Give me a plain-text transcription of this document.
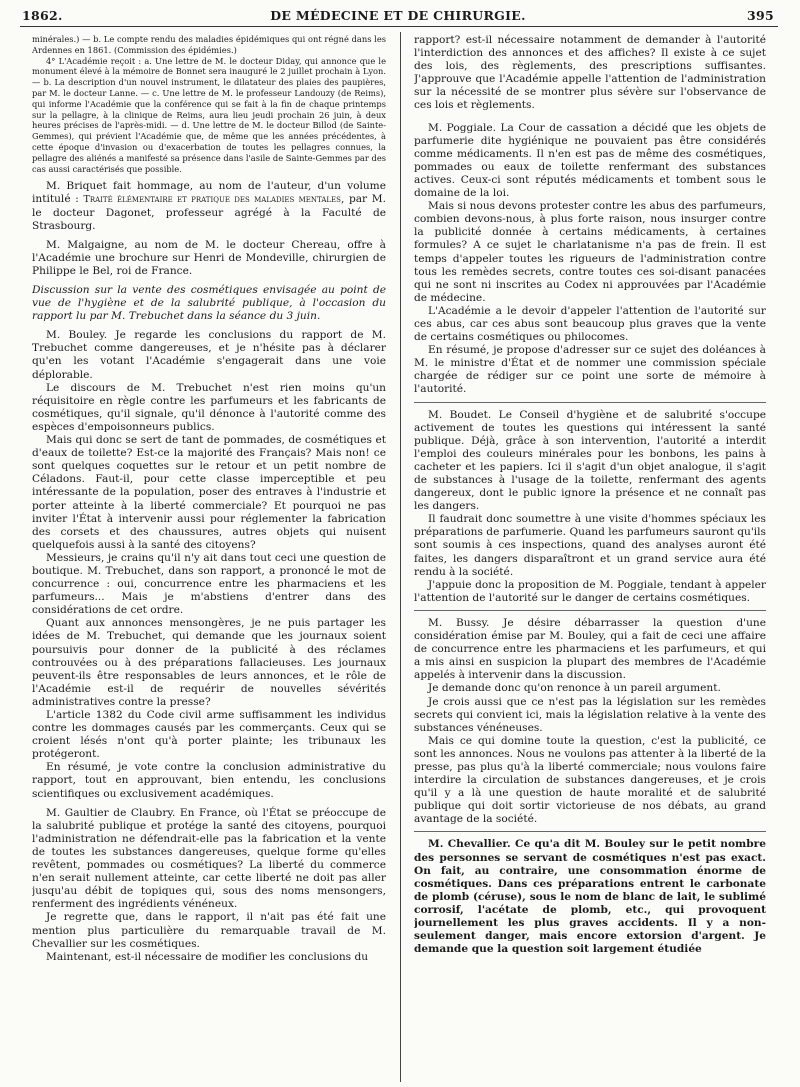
1862.	DE MÉDECINE ET DE CHIRURGIE.	395

minérales.) — b. Le compte rendu des maladies épidémiques qui ont régné dans les Ardennes en 1861. (Commission des épidémies.)

4° L'Académie reçoit : a. Une lettre de M. le docteur Diday, qui annonce que le monument élevé à la mémoire de Bonnet sera inauguré le 2 juillet prochain à Lyon. — b. La description d'un nouvel instrument, le dilatateur des plaies des paupières, par M. le docteur Lanne. — c. Une lettre de M. le professeur Landouzy (de Reims), qui informe l'Académie que la conférence qui se fait à la fin de chaque printemps sur la pellagre, à la clinique de Reims, aura lieu jeudi prochain 26 juin, à deux heures précises de l'après-midi. — d. Une lettre de M. le docteur Billod (de Sainte-Gemmes), qui prévient l'Académie que, de même que les années précédentes, à cette époque d'invasion ou d'exacerbation de toutes les pellagres connues, la pellagre des aliénés a manifesté sa présence dans l'asile de Sainte-Gemmes par des cas aussi caractérisés que possible.

M. Briquet fait hommage, au nom de l'auteur, d'un volume intitulé : Traité élémentaire et pratique des maladies mentales, par M. le docteur Dagonet, professeur agrégé à la Faculté de Strasbourg.

M. Malgaigne, au nom de M. le docteur Chereau, offre à l'Académie une brochure sur Henri de Mondeville, chirurgien de Philippe le Bel, roi de France.

Discussion sur la vente des cosmétiques envisagée au point de vue de l'hygiène et de la salubrité publique, à l'occasion du rapport lu par M. Trebuchet dans la séance du 3 juin.

M. Bouley. Je regarde les conclusions du rapport de M. Trebuchet comme dangereuses, et je n'hésite pas à déclarer qu'en les votant l'Académie s'engagerait dans une voie déplorable.

Le discours de M. Trebuchet n'est rien moins qu'un réquisitoire en règle contre les parfumeurs et les fabricants de cosmétiques, qu'il signale, qu'il dénonce à l'autorité comme des espèces d'empoisonneurs publics.

Mais qui donc se sert de tant de pommades, de cosmétiques et d'eaux de toilette? Est-ce la majorité des Français? Mais non! ce sont quelques coquettes sur le retour et un petit nombre de Céladons. Faut-il, pour cette classe imperceptible et peu intéressante de la population, poser des entraves à l'industrie et porter atteinte à la liberté commerciale? Et pourquoi ne pas inviter l'État à intervenir aussi pour réglementer la fabrication des corsets et des chaussures, autres objets qui nuisent quelquefois aussi à la santé des citoyens?

Messieurs, je crains qu'il n'y ait dans tout ceci une question de boutique. M. Trebuchet, dans son rapport, a prononcé le mot de concurrence : oui, concurrence entre les pharmaciens et les parfumeurs... Mais je m'abstiens d'entrer dans des considérations de cet ordre.

Quant aux annonces mensongères, je ne puis partager les idées de M. Trebuchet, qui demande que les journaux soient poursuivis pour donner de la publicité à des réclames controuvées ou à des préparations fallacieuses. Les journaux peuvent-ils être responsables de leurs annonces, et le rôle de l'Académie est-il de requérir de nouvelles sévérités administratives contre la presse?

L'article 1382 du Code civil arme suffisamment les individus contre les dommages causés par les commerçants. Ceux qui se croient lésés n'ont qu'à porter plainte; les tribunaux les protégeront.

En résumé, je vote contre la conclusion administrative du rapport, tout en approuvant, bien entendu, les conclusions scientifiques ou exclusivement académiques.

M. Gaultier de Claubry. En France, où l'État se préoccupe de la salubrité publique et protége la santé des citoyens, pourquoi l'administration ne défendrait-elle pas la fabrication et la vente de toutes les substances dangereuses, quelque forme qu'elles revêtent, pommades ou cosmétiques? La liberté du commerce n'en serait nullement atteinte, car cette liberté ne doit pas aller jusqu'au débit de topiques qui, sous des noms mensongers, renferment des ingrédients vénéneux.

Je regrette que, dans le rapport, il n'ait pas été fait une mention plus particulière du remarquable travail de M. Chevallier sur les cosmétiques.

Maintenant, est-il nécessaire de modifier les conclusions du

rapport? est-il nécessaire notamment de demander à l'autorité l'interdiction des annonces et des affiches? Il existe à ce sujet des lois, des règlements, des prescriptions suffisantes. J'approuve que l'Académie appelle l'attention de l'administration sur la nécessité de se montrer plus sévère sur l'observance de ces lois et règlements.

M. Poggiale. La Cour de cassation a décidé que les objets de parfumerie dite hygiénique ne pouvaient pas être considérés comme médicaments. Il n'en est pas de même des cosmétiques, pommades ou eaux de toilette renfermant des substances actives. Ceux-ci sont réputés médicaments et tombent sous le domaine de la loi.

Mais si nous devons protester contre les abus des parfumeurs, combien devons-nous, à plus forte raison, nous insurger contre la publicité donnée à certains médicaments, à certaines formules? A ce sujet le charlatanisme n'a pas de frein. Il est temps d'appeler toutes les rigueurs de l'administration contre tous les remèdes secrets, contre toutes ces soi-disant panacées qui ne sont ni inscrites au Codex ni approuvées par l'Académie de médecine.

L'Académie a le devoir d'appeler l'attention de l'autorité sur ces abus, car ces abus sont beaucoup plus graves que la vente de certains cosmétiques ou philocomes.

En résumé, je propose d'adresser sur ce sujet des doléances à M. le ministre d'État et de nommer une commission spéciale chargée de rédiger sur ce point une sorte de mémoire à l'autorité.

M. Boudet. Le Conseil d'hygiène et de salubrité s'occupe activement de toutes les questions qui intéressent la santé publique. Déjà, grâce à son intervention, l'autorité a interdit l'emploi des couleurs minérales pour les bonbons, les pains à cacheter et les papiers. Ici il s'agit d'un objet analogue, il s'agit de substances à l'usage de la toilette, renfermant des agents dangereux, dont le public ignore la présence et ne connaît pas les dangers.

Il faudrait donc soumettre à une visite d'hommes spéciaux les préparations de parfumerie. Quand les parfumeurs sauront qu'ils sont soumis à ces inspections, quand des analyses auront été faites, les dangers disparaîtront et un grand service aura été rendu à la société.

J'appuie donc la proposition de M. Poggiale, tendant à appeler l'attention de l'autorité sur le danger de certains cosmétiques.

M. Bussy. Je désire débarrasser la question d'une considération émise par M. Bouley, qui a fait de ceci une affaire de concurrence entre les pharmaciens et les parfumeurs, et qui a mis ainsi en suspicion la plupart des membres de l'Académie appelés à intervenir dans la discussion.

Je demande donc qu'on renonce à un pareil argument.

Je crois aussi que ce n'est pas la législation sur les remèdes secrets qui convient ici, mais la législation relative à la vente des substances vénéneuses.

Mais ce qui domine toute la question, c'est la publicité, ce sont les annonces. Nous ne voulons pas attenter à la liberté de la presse, pas plus qu'à la liberté commerciale; nous voulons faire interdire la circulation de substances dangereuses, et je crois qu'il y a là une question de haute moralité et de salubrité publique qui doit sortir victorieuse de nos débats, au grand avantage de la société.

M. Chevallier. Ce qu'a dit M. Bouley sur le petit nombre des personnes se servant de cosmétiques n'est pas exact. On fait, au contraire, une consommation énorme de cosmétiques. Dans ces préparations entrent le carbonate de plomb (céruse), sous le nom de blanc de lait, le sublimé corrosif, l'acétate de plomb, etc., qui provoquent journellement les plus graves accidents. Il y a non-seulement danger, mais encore extorsion d'argent. Je demande que la question soit largement étudiée
